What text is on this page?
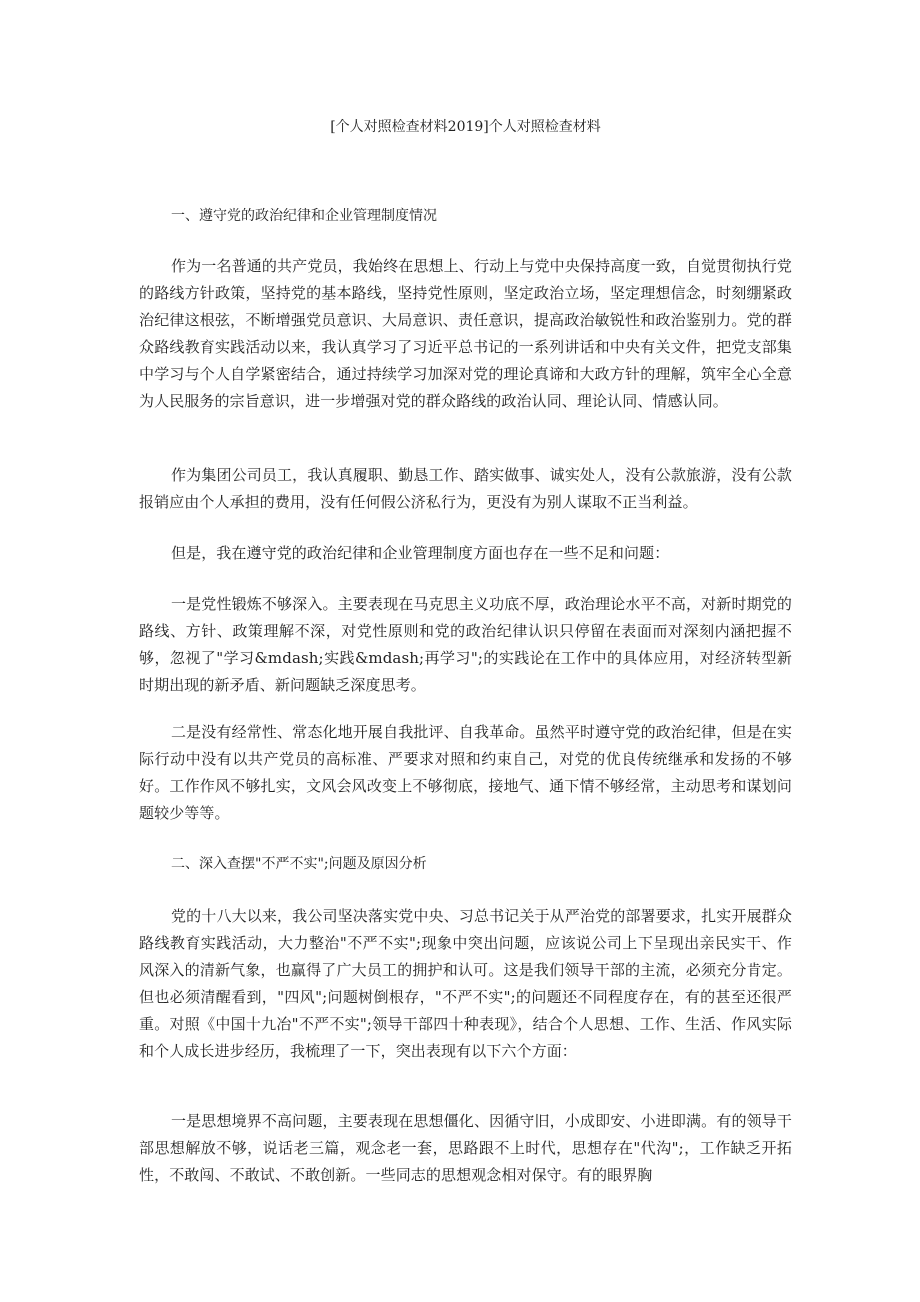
[个人对照检查材料2019]个人对照检查材料

一、遵守党的政治纪律和企业管理制度情况

作为一名普通的共产党员，我始终在思想上、行动上与党中央保持高度一致，自觉贯彻执行党的路线方针政策，坚持党的基本路线，坚持党性原则，坚定政治立场，坚定理想信念，时刻绷紧政治纪律这根弦，不断增强党员意识、大局意识、责任意识，提高政治敏锐性和政治鉴别力。党的群众路线教育实践活动以来，我认真学习了习近平总书记的一系列讲话和中央有关文件，把党支部集中学习与个人自学紧密结合，通过持续学习加深对党的理论真谛和大政方针的理解，筑牢全心全意为人民服务的宗旨意识，进一步增强对党的群众路线的政治认同、理论认同、情感认同。

作为集团公司员工，我认真履职、勤恳工作、踏实做事、诚实处人，没有公款旅游，没有公款报销应由个人承担的费用，没有任何假公济私行为，更没有为别人谋取不正当利益。

但是，我在遵守党的政治纪律和企业管理制度方面也存在一些不足和问题：

一是党性锻炼不够深入。主要表现在马克思主义功底不厚，政治理论水平不高，对新时期党的路线、方针、政策理解不深，对党性原则和党的政治纪律认识只停留在表面而对深刻内涵把握不够，忽视了"学习&mdash;实践&mdash;再学习";的实践论在工作中的具体应用，对经济转型新时期出现的新矛盾、新问题缺乏深度思考。

二是没有经常性、常态化地开展自我批评、自我革命。虽然平时遵守党的政治纪律，但是在实际行动中没有以共产党员的高标准、严要求对照和约束自己，对党的优良传统继承和发扬的不够好。工作作风不够扎实，文风会风改变上不够彻底，接地气、通下情不够经常，主动思考和谋划问题较少等等。

二、深入查摆"不严不实";问题及原因分析

党的十八大以来，我公司坚决落实党中央、习总书记关于从严治党的部署要求，扎实开展群众路线教育实践活动，大力整治"不严不实";现象中突出问题，应该说公司上下呈现出亲民实干、作风深入的清新气象，也赢得了广大员工的拥护和认可。这是我们领导干部的主流，必须充分肯定。但也必须清醒看到，"四风";问题树倒根存，"不严不实";的问题还不同程度存在，有的甚至还很严重。对照《中国十九冶"不严不实";领导干部四十种表现》，结合个人思想、工作、生活、作风实际和个人成长进步经历，我梳理了一下，突出表现有以下六个方面：

一是思想境界不高问题，主要表现在思想僵化、因循守旧，小成即安、小进即满。有的领导干部思想解放不够，说话老三篇，观念老一套，思路跟不上时代，思想存在"代沟";，工作缺乏开拓性，不敢闯、不敢试、不敢创新。一些同志的思想观念相对保守。有的眼界胸
